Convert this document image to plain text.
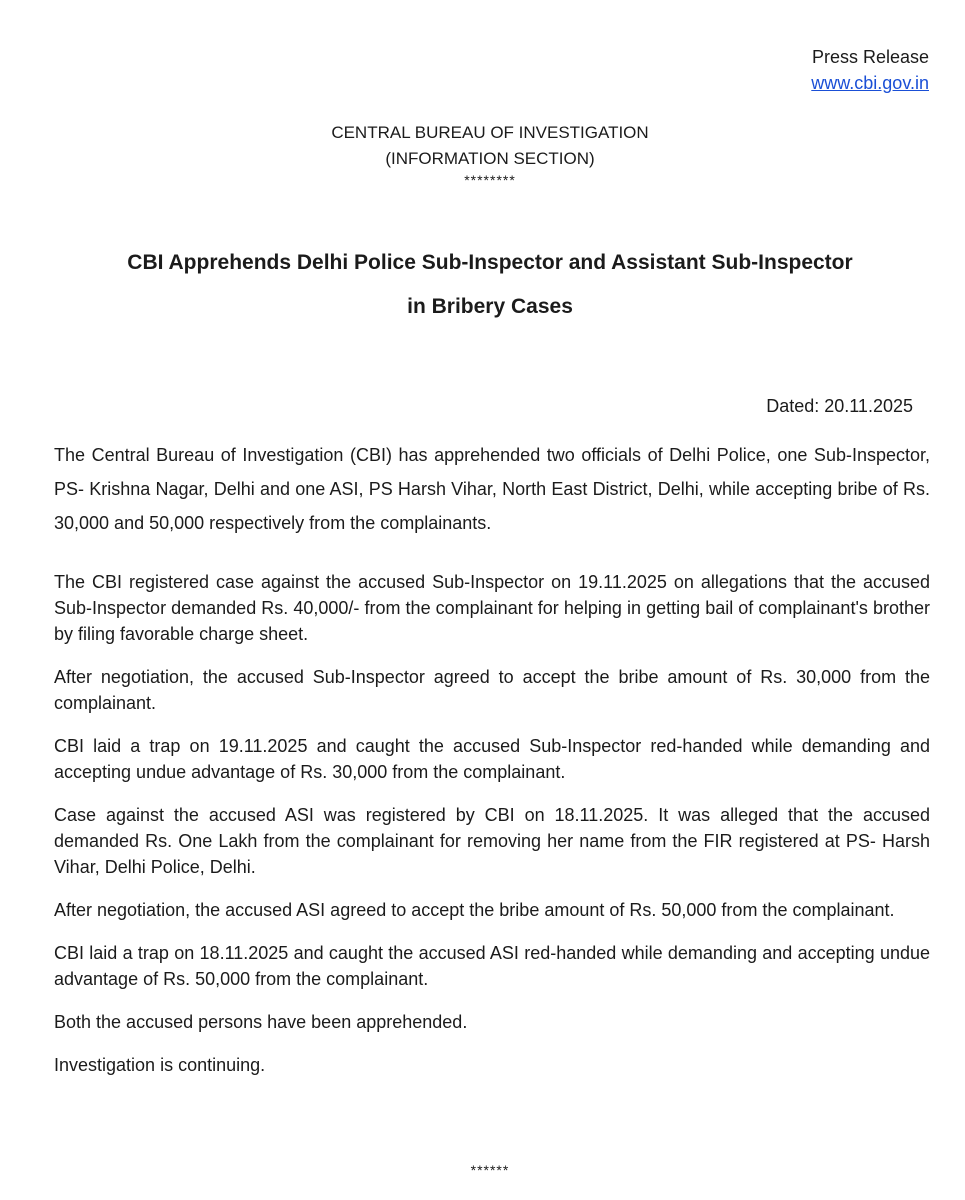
Press Release
www.cbi.gov.in
CENTRAL BUREAU OF INVESTIGATION
(INFORMATION SECTION)
********
CBI Apprehends Delhi Police Sub-Inspector and Assistant Sub-Inspector
in Bribery Cases
Dated: 20.11.2025

The Central Bureau of Investigation (CBI) has apprehended two officials of Delhi Police, one Sub-Inspector, PS- Krishna Nagar, Delhi and one ASI, PS Harsh Vihar, North East District, Delhi, while accepting bribe of Rs. 30,000 and 50,000 respectively from the complainants.

The CBI registered case against the accused Sub-Inspector on 19.11.2025 on allegations that the accused Sub-Inspector demanded Rs. 40,000/- from the complainant for helping in getting bail of complainant's brother by filing favorable charge sheet.

After negotiation, the accused Sub-Inspector agreed to accept the bribe amount of Rs. 30,000 from the complainant.

CBI laid a trap on 19.11.2025 and caught the accused Sub-Inspector red-handed while demanding and accepting undue advantage of Rs. 30,000 from the complainant.

Case against the accused ASI was registered by CBI on 18.11.2025. It was alleged that the accused demanded Rs. One Lakh from the complainant for removing her name from the FIR registered at PS- Harsh Vihar, Delhi Police, Delhi.

After negotiation, the accused ASI agreed to accept the bribe amount of Rs. 50,000 from the complainant.

CBI laid a trap on 18.11.2025 and caught the accused ASI red-handed while demanding and accepting undue advantage of Rs. 50,000 from the complainant.

Both the accused persons have been apprehended.

Investigation is continuing.

******
